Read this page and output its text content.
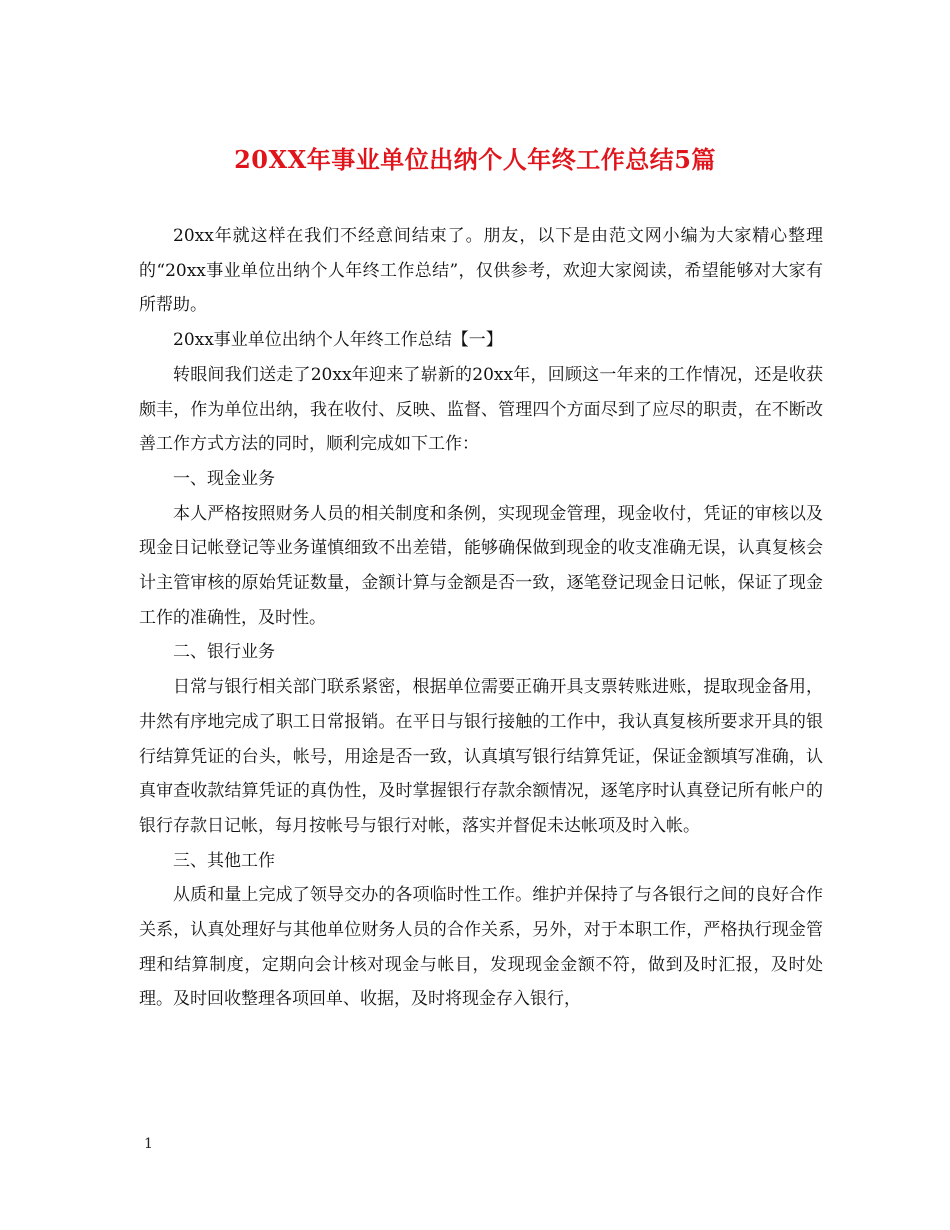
20XX年事业单位出纳个人年终工作总结5篇

20xx年就这样在我们不经意间结束了。朋友，以下是由范文网小编为大家精心整理的“20xx事业单位出纳个人年终工作总结”，仅供参考，欢迎大家阅读，希望能够对大家有所帮助。

20xx事业单位出纳个人年终工作总结【一】

转眼间我们送走了20xx年迎来了崭新的20xx年，回顾这一年来的工作情况，还是收获颇丰，作为单位出纳，我在收付、反映、监督、管理四个方面尽到了应尽的职责，在不断改善工作方式方法的同时，顺利完成如下工作：

一、现金业务

本人严格按照财务人员的相关制度和条例，实现现金管理，现金收付，凭证的审核以及现金日记帐登记等业务谨慎细致不出差错，能够确保做到现金的收支准确无误，认真复核会计主管审核的原始凭证数量，金额计算与金额是否一致，逐笔登记现金日记帐，保证了现金工作的准确性，及时性。

二、银行业务

日常与银行相关部门联系紧密，根据单位需要正确开具支票转账进账，提取现金备用，井然有序地完成了职工日常报销。在平日与银行接触的工作中，我认真复核所要求开具的银行结算凭证的台头，帐号，用途是否一致，认真填写银行结算凭证，保证金额填写准确，认真审查收款结算凭证的真伪性，及时掌握银行存款余额情况，逐笔序时认真登记所有帐户的银行存款日记帐，每月按帐号与银行对帐，落实并督促未达帐项及时入帐。

三、其他工作

从质和量上完成了领导交办的各项临时性工作。维护并保持了与各银行之间的良好合作关系，认真处理好与其他单位财务人员的合作关系，另外，对于本职工作，严格执行现金管理和结算制度，定期向会计核对现金与帐目，发现现金金额不符，做到及时汇报，及时处理。及时回收整理各项回单、收据，及时将现金存入银行，

1
